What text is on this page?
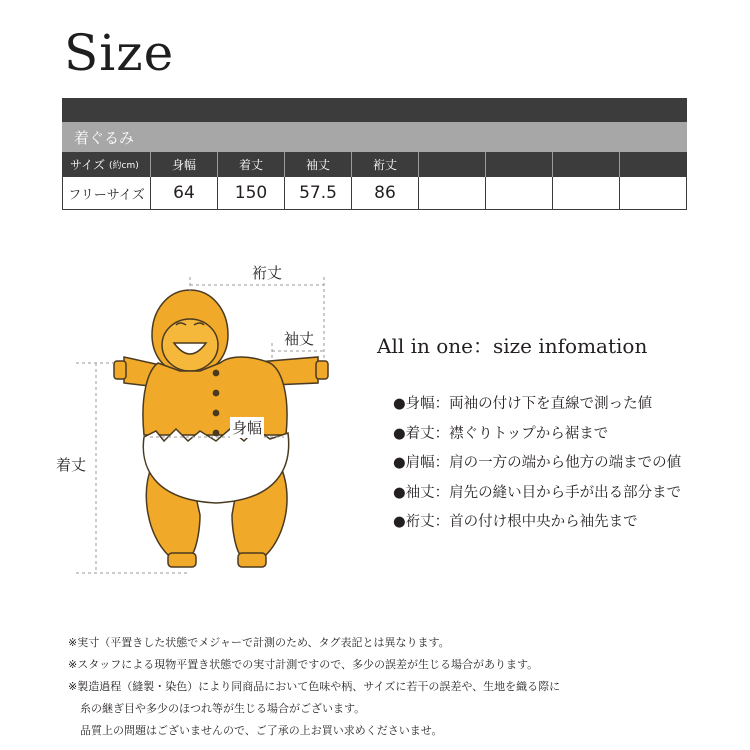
Size
着ぐるみ
サイズ (約cm)	身幅	着丈	袖丈	裄丈
フリーサイズ	64	150	57.5	86
裄丈
袖丈
身幅
着丈
All in one：size infomation
●身幅：両袖の付け下を直線で測った値
●着丈：襟ぐりトップから裾まで
●肩幅：肩の一方の端から他方の端までの値
●袖丈：肩先の縫い目から手が出る部分まで
●裄丈：首の付け根中央から袖先まで
※実寸（平置きした状態でメジャーで計測のため、タグ表記とは異なります。
※スタッフによる現物平置き状態での実寸計測ですので、多少の誤差が生じる場合があります。
※製造過程（縫製・染色）により同商品において色味や柄、サイズに若干の誤差や、生地を織る際に
糸の継ぎ目や多少のほつれ等が生じる場合がございます。
品質上の問題はございませんので、ご了承の上お買い求めくださいませ。
